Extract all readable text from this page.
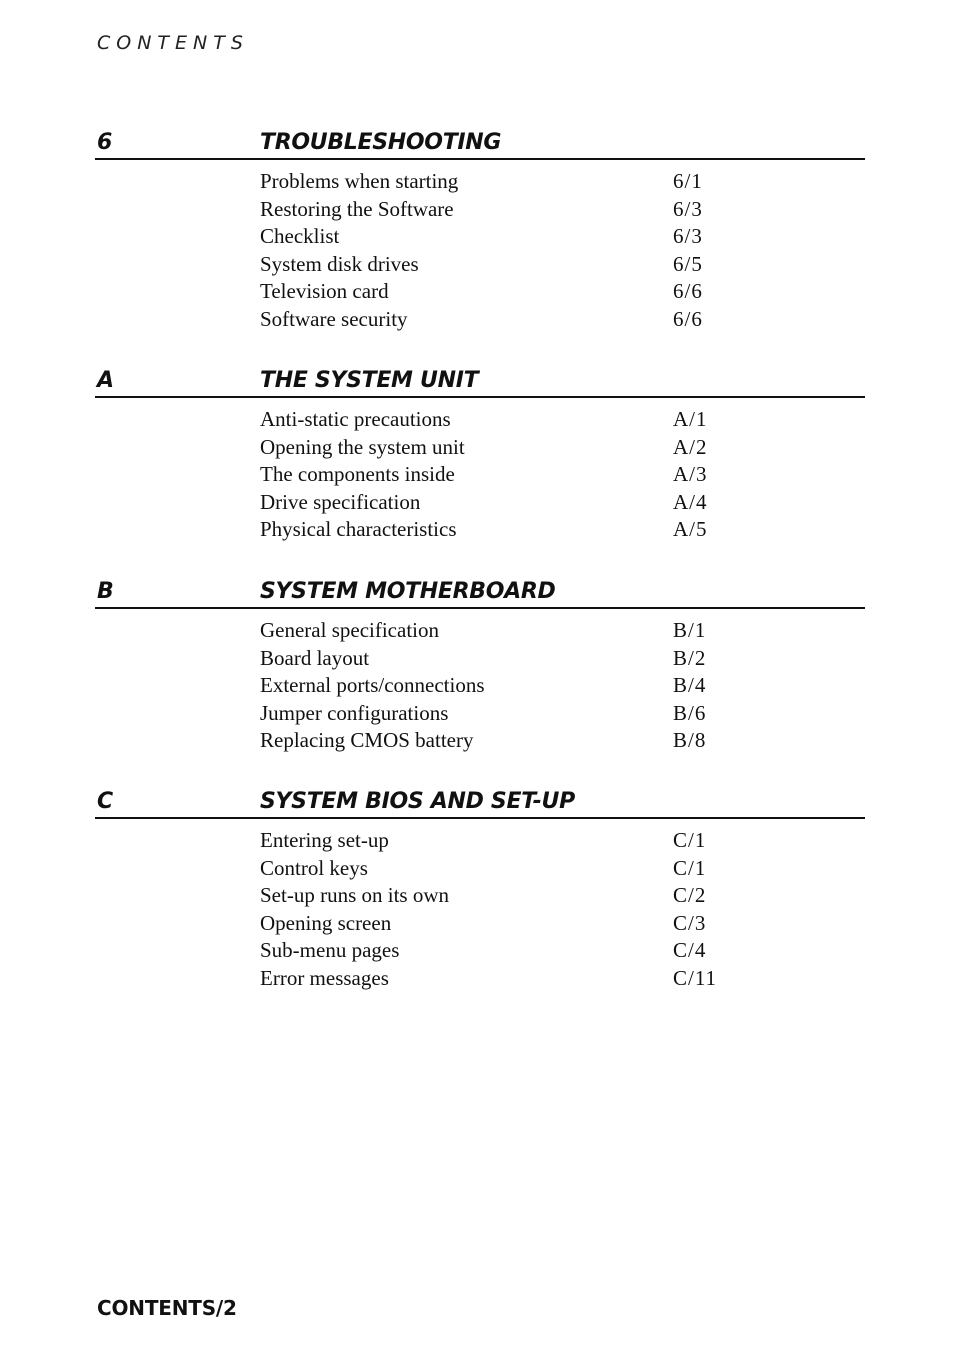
CONTENTS
6	TROUBLESHOOTING
Problems when starting	6/1
Restoring the Software	6/3
Checklist	6/3
System disk drives	6/5
Television card	6/6
Software security	6/6
A	THE SYSTEM UNIT
Anti-static precautions	A/1
Opening the system unit	A/2
The components inside	A/3
Drive specification	A/4
Physical characteristics	A/5
B	SYSTEM MOTHERBOARD
General specification	B/1
Board layout	B/2
External ports/connections	B/4
Jumper configurations	B/6
Replacing CMOS battery	B/8
C	SYSTEM BIOS AND SET-UP
Entering set-up	C/1
Control keys	C/1
Set-up runs on its own	C/2
Opening screen	C/3
Sub-menu pages	C/4
Error messages	C/11
CONTENTS/2
